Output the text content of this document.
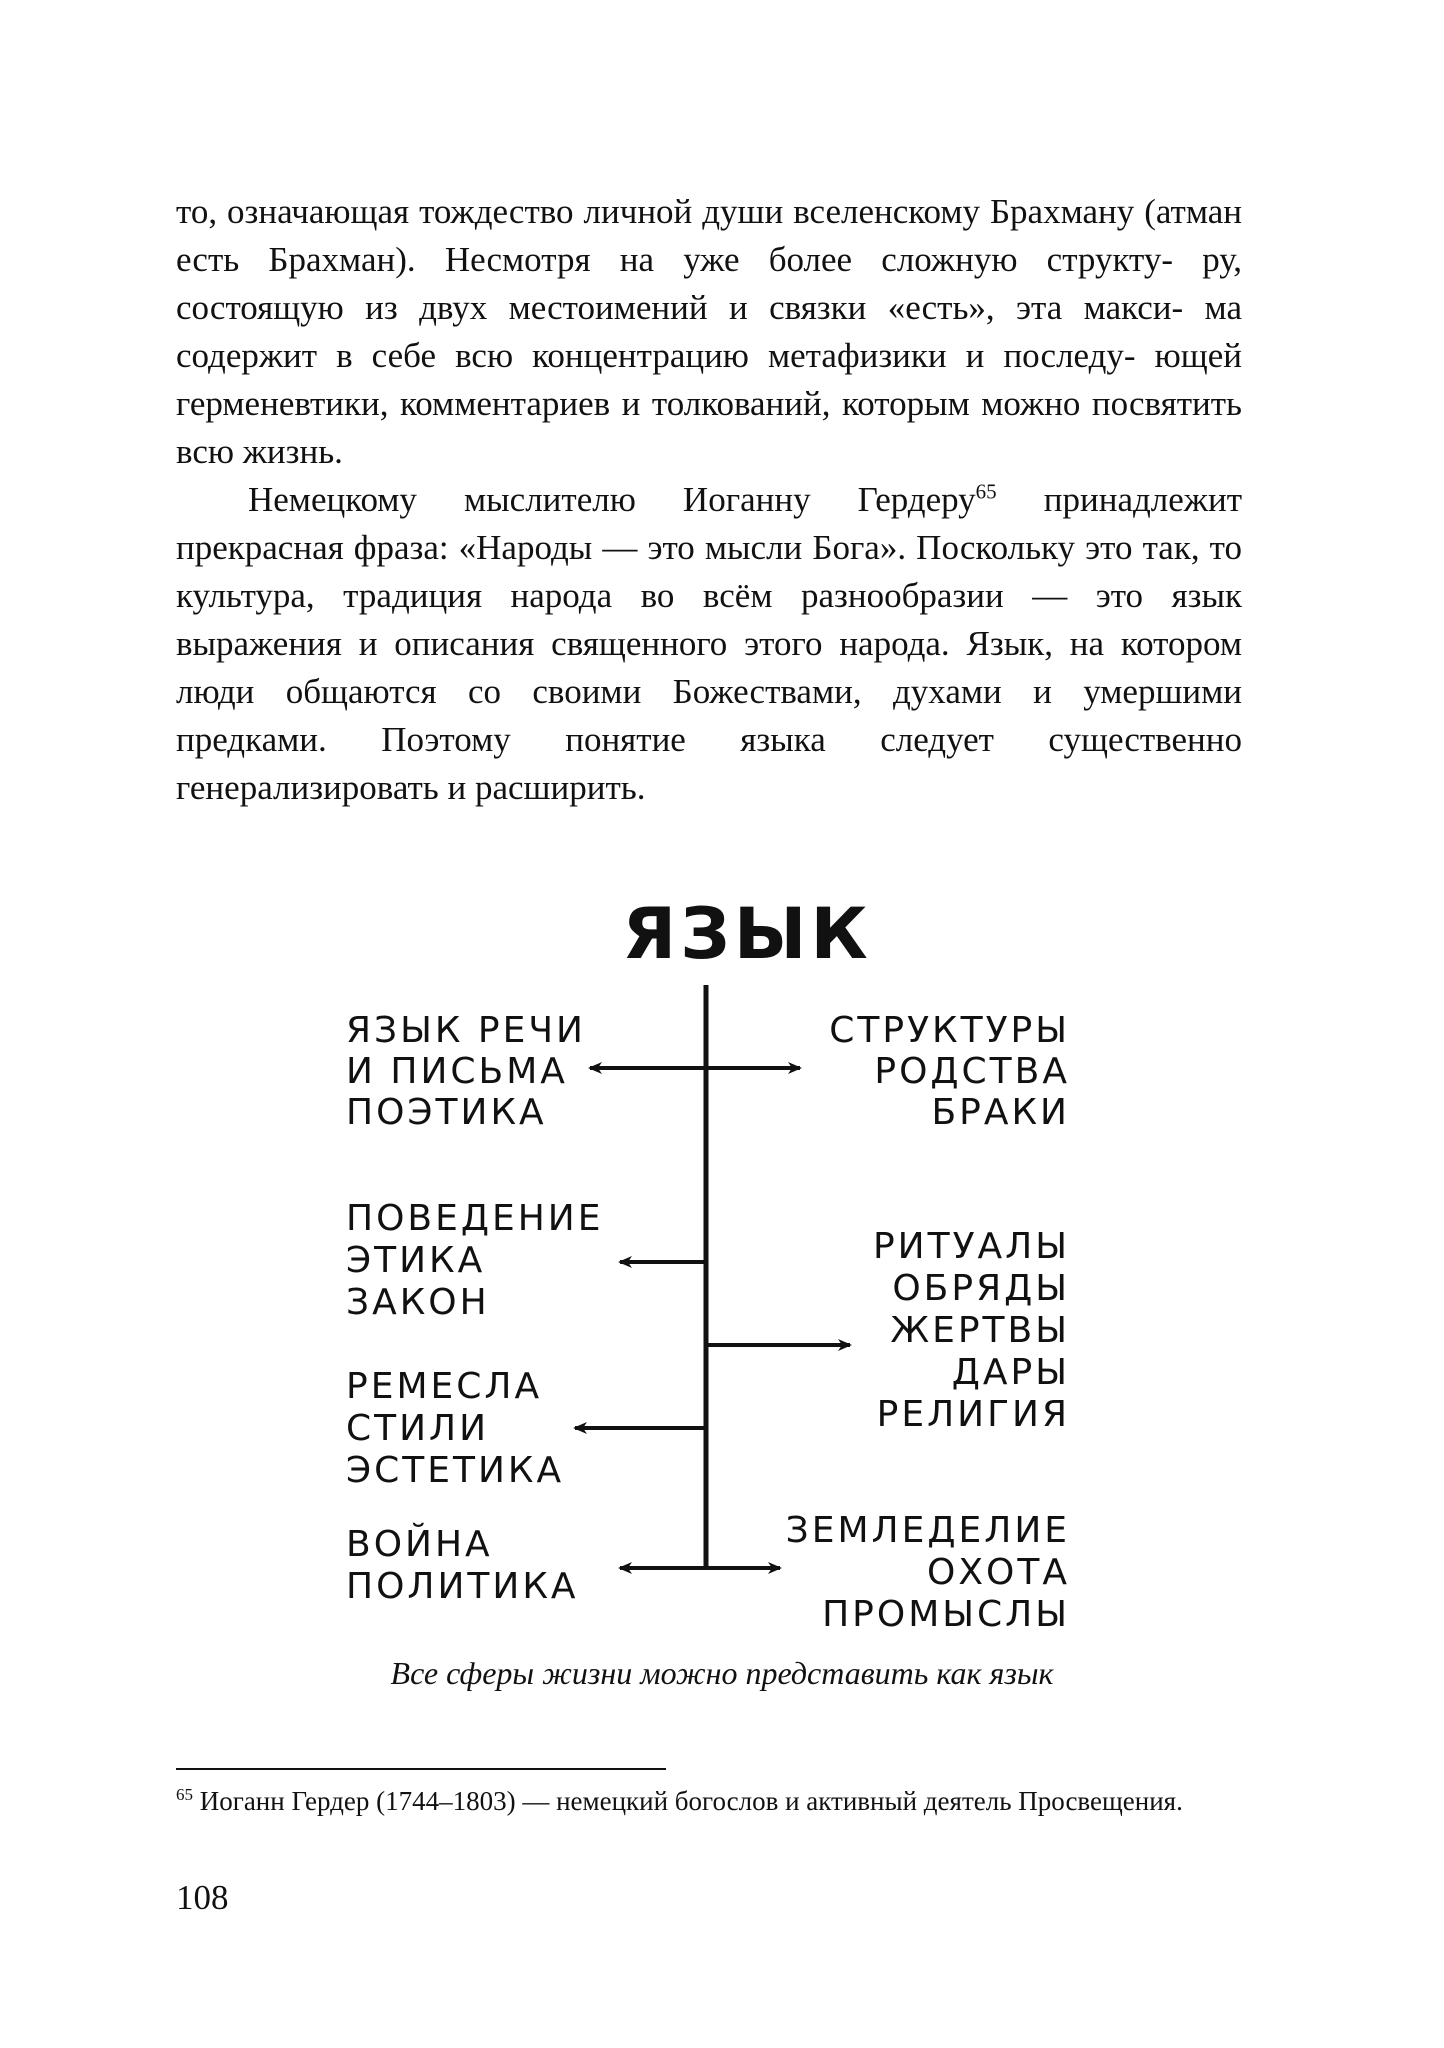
то, означающая тождество личной души вселенскому Брахману (атман есть Брахман). Несмотря на уже более сложную структу- ру, состоящую из двух местоимений и связки «есть», эта макси- ма содержит в себе всю концентрацию метафизики и последу- ющей герменевтики, комментариев и толкований, которым можно посвятить всю жизнь.

Немецкому мыслителю Иоганну Гердеру$^{65}$ принадлежит прекрасная фраза: «Народы — это мысли Бога». Поскольку это так, то культура, традиция народа во всём разнообразии — это язык выражения и описания священного этого народа. Язык, на котором люди общаются со своими Божествами, духами и умершими предками. Поэтому понятие языка следует существенно генерализировать и расширить.

ЯЗЫК
ЯЗЫК РЕЧИ
И ПИСЬМА
ПОЭТИКА
ПОВЕДЕНИЕ
ЭТИКА
ЗАКОН
РЕМЕСЛА
СТИЛИ
ЭСТЕТИКА
ВОЙНА
ПОЛИТИКА
СТРУКТУРЫ
РОДСТВА
БРАКИ
РИТУАЛЫ
ОБРЯДЫ
ЖЕРТВЫ
ДАРЫ
РЕЛИГИЯ
ЗЕМЛЕДЕЛИЕ
ОХОТА
ПРОМЫСЛЫ
Все сферы жизни можно представить как язык

$^{65}$ Иоганн Гердер (1744–1803) — немецкий богослов и активный деятель Просвещения.

108
